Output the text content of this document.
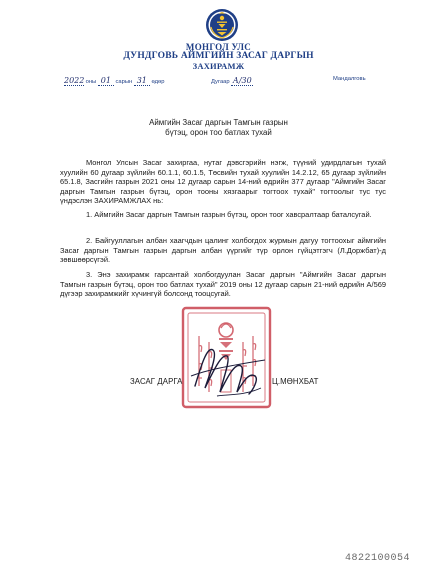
МОНГОЛ УЛС
ДУНДГОВЬ АЙМГИЙН ЗАСАГ ДАРГЫН
ЗАХИРАМЖ
2022 оны 01 сарын 31 өдөр	Дугаар А/30	Мандалговь
Аймгийн Засаг даргын Тамгын газрын
бүтэц, орон тоо батлах тухай

Монгол Улсын Засаг захиргаа, нутаг дэвсгэрийн нэгж, түүний удирдлагын тухай хуулийн 60 дугаар зүйлийн 60.1.1, 60.1.5, Төсвийн тухай хуулийн 14.2.12, 65 дугаар зүйлийн 65.1.8, Засгийн газрын 2021 оны 12 дугаар сарын 14-ний өдрийн 377 дугаар "Аймгийн Засаг даргын Тамгын газрын бүтэц, орон тооны хязгаарыг тогтоох тухай" тогтоолыг тус тус үндэслэн ЗАХИРАМЖЛАХ нь:

1. Аймгийн Засаг даргын Тамгын газрын бүтэц, орон тоог хавсралтаар баталсугай.

2. Байгууллагын албан хаагчдын цалинг холбогдох журмын дагуу тогтоохыг аймгийн Засаг даргын Тамгын газрын даргын албан үүргийг түр орлон гүйцэтгэгч (Л.Доржбат)-д зөвшөөрсүгэй.

3. Энэ захирамж гарсантай холбогдуулан Засаг даргын "Аймгийн Засаг даргын Тамгын газрын бүтэц, орон тоо батлах тухай" 2019 оны 12 дугаар сарын 21-ний өдрийн А/569 дүгээр захирамжийг хүчингүй болсонд тооцсугай.

ЗАСАГ ДАРГА	Ц.МӨНХБАТ
4822100054
